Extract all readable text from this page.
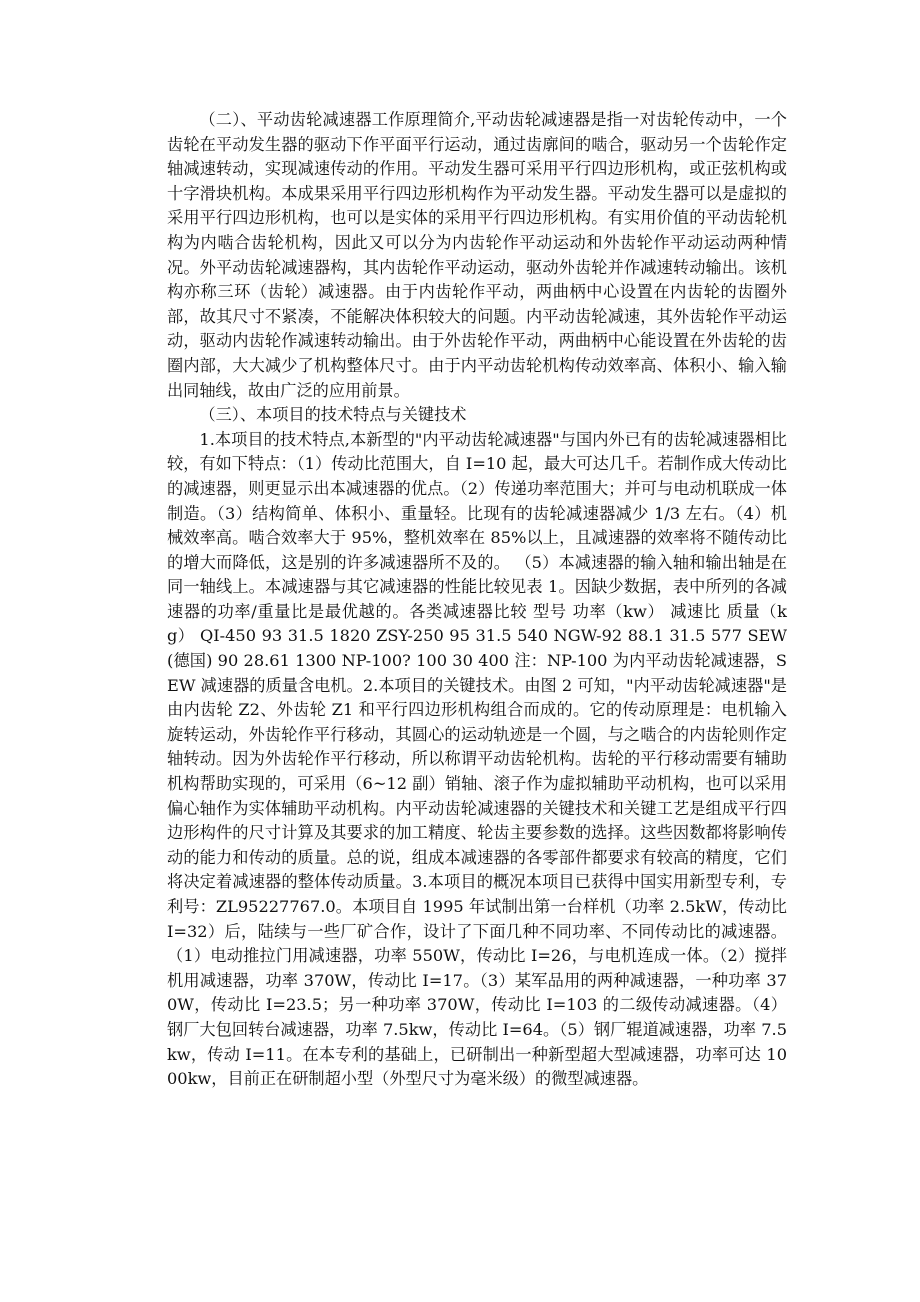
（二）、平动齿轮减速器工作原理简介,平动齿轮减速器是指一对齿轮传动中，一个齿轮在平动发生器的驱动下作平面平行运动，通过齿廓间的啮合，驱动另一个齿轮作定轴减速转动，实现减速传动的作用。平动发生器可采用平行四边形机构，或正弦机构或十字滑块机构。本成果采用平行四边形机构作为平动发生器。平动发生器可以是虚拟的采用平行四边形机构，也可以是实体的采用平行四边形机构。有实用价值的平动齿轮机构为内啮合齿轮机构，因此又可以分为内齿轮作平动运动和外齿轮作平动运动两种情况。外平动齿轮减速器构，其内齿轮作平动运动，驱动外齿轮并作减速转动输出。该机构亦称三环（齿轮）减速器。由于内齿轮作平动，两曲柄中心设置在内齿轮的齿圈外部，故其尺寸不紧凑，不能解决体积较大的问题。内平动齿轮减速，其外齿轮作平动运动，驱动内齿轮作减速转动输出。由于外齿轮作平动，两曲柄中心能设置在外齿轮的齿圈内部，大大减少了机构整体尺寸。由于内平动齿轮机构传动效率高、体积小、输入输出同轴线，故由广泛的应用前景。

（三）、本项目的技术特点与关键技术

1.本项目的技术特点,本新型的"内平动齿轮减速器"与国内外已有的齿轮减速器相比较，有如下特点：（1）传动比范围大，自 I=10 起，最大可达几千。若制作成大传动比的减速器，则更显示出本减速器的优点。（2）传递功率范围大；并可与电动机联成一体制造。（3）结构简单、体积小、重量轻。比现有的齿轮减速器减少 1/3 左右。（4）机械效率高。啮合效率大于 95%，整机效率在 85%以上，且减速器的效率将不随传动比的增大而降低，这是别的许多减速器所不及的。 （5）本减速器的输入轴和输出轴是在同一轴线上。本减速器与其它减速器的性能比较见表 1。因缺少数据，表中所列的各减速器的功率/重量比是最优越的。各类减速器比较 型号 功率（kw） 减速比 质量（kg） QI-450 93 31.5 1820 ZSY-250 95 31.5 540 NGW-92 88.1 31.5 577 SEW(德国) 90 28.61 1300 NP-100? 100 30 400 注：NP-100 为内平动齿轮减速器，SEW 减速器的质量含电机。2.本项目的关键技术。由图 2 可知，"内平动齿轮减速器"是由内齿轮 Z2、外齿轮 Z1 和平行四边形机构组合而成的。它的传动原理是：电机输入旋转运动，外齿轮作平行移动，其圆心的运动轨迹是一个圆，与之啮合的内齿轮则作定轴转动。因为外齿轮作平行移动，所以称谓平动齿轮机构。齿轮的平行移动需要有辅助机构帮助实现的，可采用（6~12 副）销轴、滚子作为虚拟辅助平动机构，也可以采用偏心轴作为实体辅助平动机构。内平动齿轮减速器的关键技术和关键工艺是组成平行四边形构件的尺寸计算及其要求的加工精度、轮齿主要参数的选择。这些因数都将影响传动的能力和传动的质量。总的说，组成本减速器的各零部件都要求有较高的精度，它们将决定着减速器的整体传动质量。3.本项目的概况本项目已获得中国实用新型专利，专利号：ZL95227767.0。本项目自 1995 年试制出第一台样机（功率 2.5kW，传动比 I=32）后，陆续与一些厂矿合作，设计了下面几种不同功率、不同传动比的减速器。（1）电动推拉门用减速器，功率 550W，传动比 I=26，与电机连成一体。（2）搅拌机用减速器，功率 370W，传动比 I=17。（3）某军品用的两种减速器，一种功率 370W，传动比 I=23.5；另一种功率 370W，传动比 I=103 的二级传动减速器。（4）钢厂大包回转台减速器，功率 7.5kw，传动比 I=64。（5）钢厂辊道减速器，功率 7.5kw，传动 I=11。在本专利的基础上，已研制出一种新型超大型减速器，功率可达 1000kw，目前正在研制超小型（外型尺寸为毫米级）的微型减速器。
